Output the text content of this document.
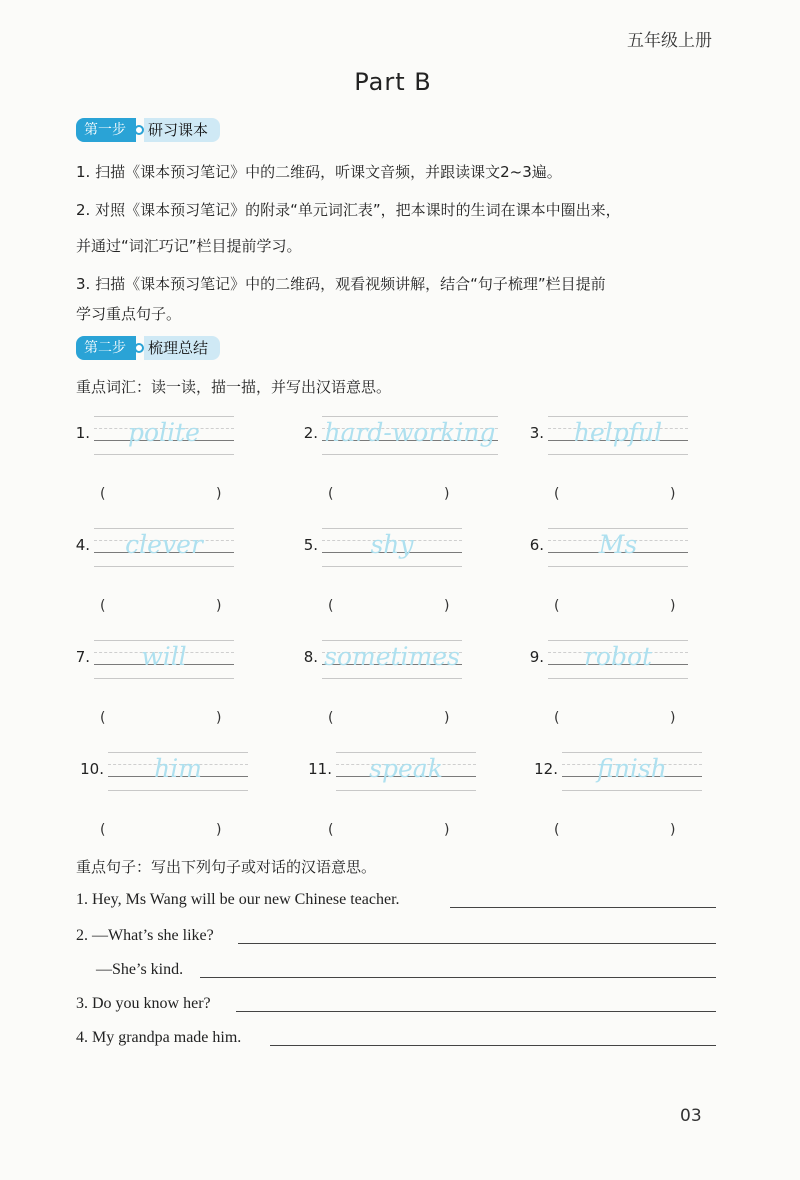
五年级上册
Part B
第一步	研习课本
1. 扫描《课本预习笔记》中的二维码，听课文音频，并跟读课文2~3遍。
2. 对照《课本预习笔记》的附录“单元词汇表”，把本课时的生词在课本中圈出来，
并通过“词汇巧记”栏目提前学习。
3. 扫描《课本预习笔记》中的二维码，观看视频讲解，结合“句子梳理”栏目提前
学习重点句子。
第二步	梳理总结
重点词汇：读一读，描一描，并写出汉语意思。
1.	polite
(	)
2. hard-working
(	)
3.	helpful
(	)
4.	clever
(	)
5.	shy
(	)
6.	Ms
(	)
7.	will
(	)
8. sometimes
(	)
9.	robot
(	)
10.	him
(	)
11.	speak
(	)
12.	finish
(	)
重点句子：写出下列句子或对话的汉语意思。
1. Hey, Ms Wang will be our new Chinese teacher.
2. —What’s she like?
—She’s kind.
3. Do you know her?
4. My grandpa made him.
03
